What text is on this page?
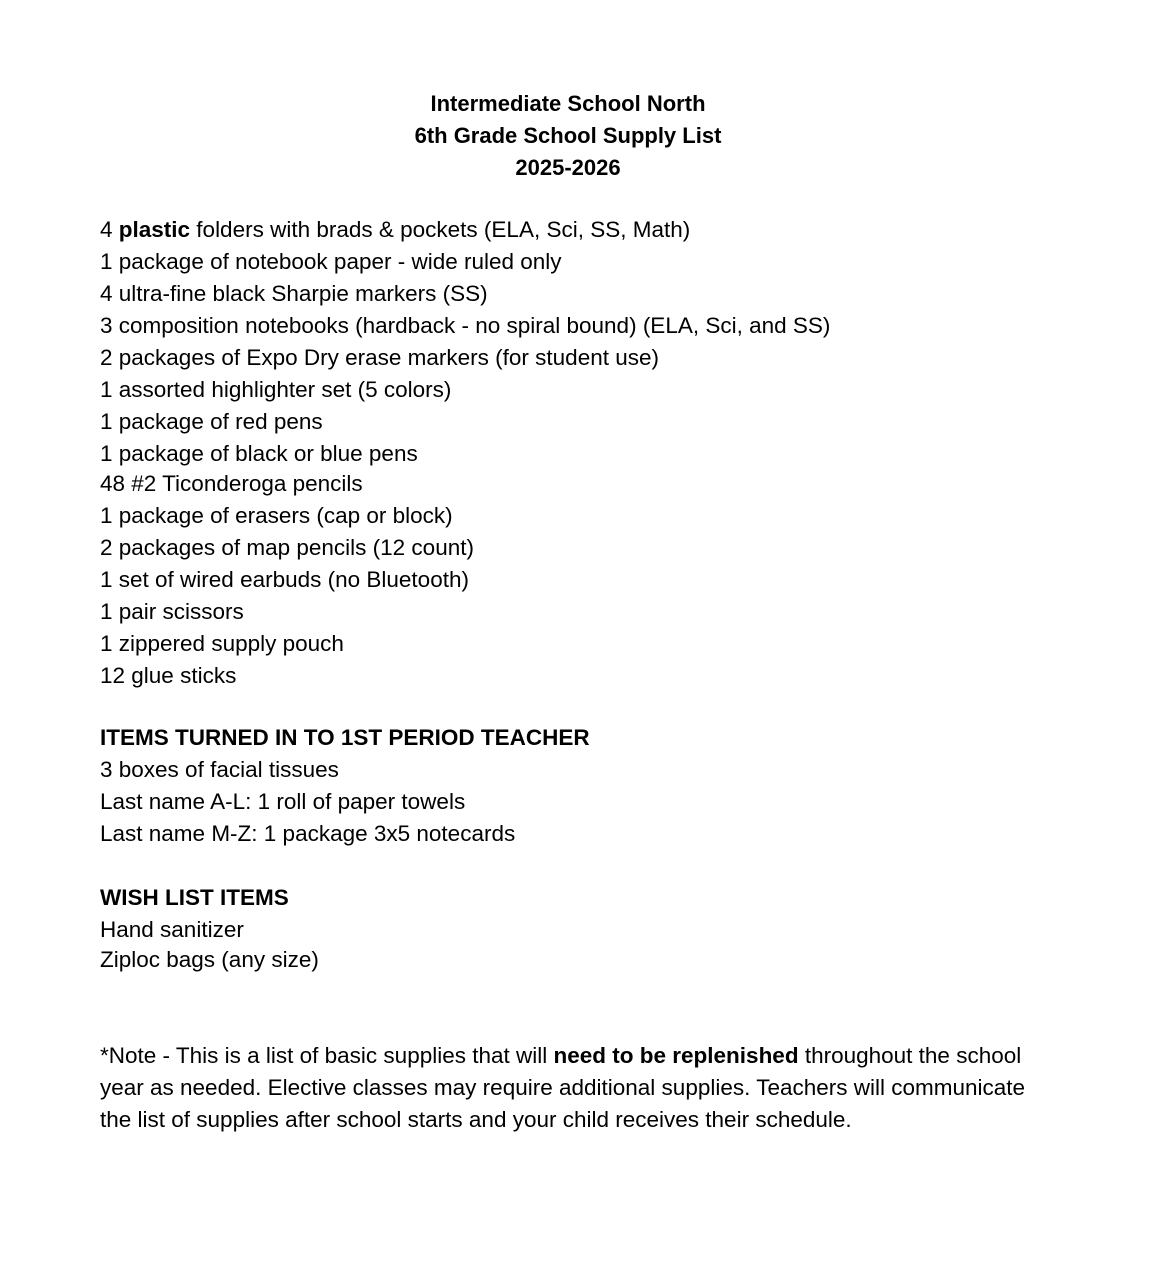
Intermediate School North
6th Grade School Supply List
2025-2026
4 plastic folders with brads & pockets (ELA, Sci, SS, Math)
1 package of notebook paper - wide ruled only
4 ultra-fine black Sharpie markers (SS)
3 composition notebooks (hardback - no spiral bound) (ELA, Sci, and SS)
2 packages of Expo Dry erase markers (for student use)
1 assorted highlighter set (5 colors)
1 package of red pens
1 package of black or blue pens
48 #2 Ticonderoga pencils
1 package of erasers (cap or block)
2 packages of map pencils (12 count)
1 set of wired earbuds (no Bluetooth)
1 pair scissors
1 zippered supply pouch
12 glue sticks
ITEMS TURNED IN TO 1ST PERIOD TEACHER
3 boxes of facial tissues
Last name A-L: 1 roll of paper towels
Last name M-Z: 1 package 3x5 notecards
WISH LIST ITEMS
Hand sanitizer
Ziploc bags (any size)
*Note - This is a list of basic supplies that will need to be replenished throughout the school year as needed. Elective classes may require additional supplies. Teachers will communicate the list of supplies after school starts and your child receives their schedule.
